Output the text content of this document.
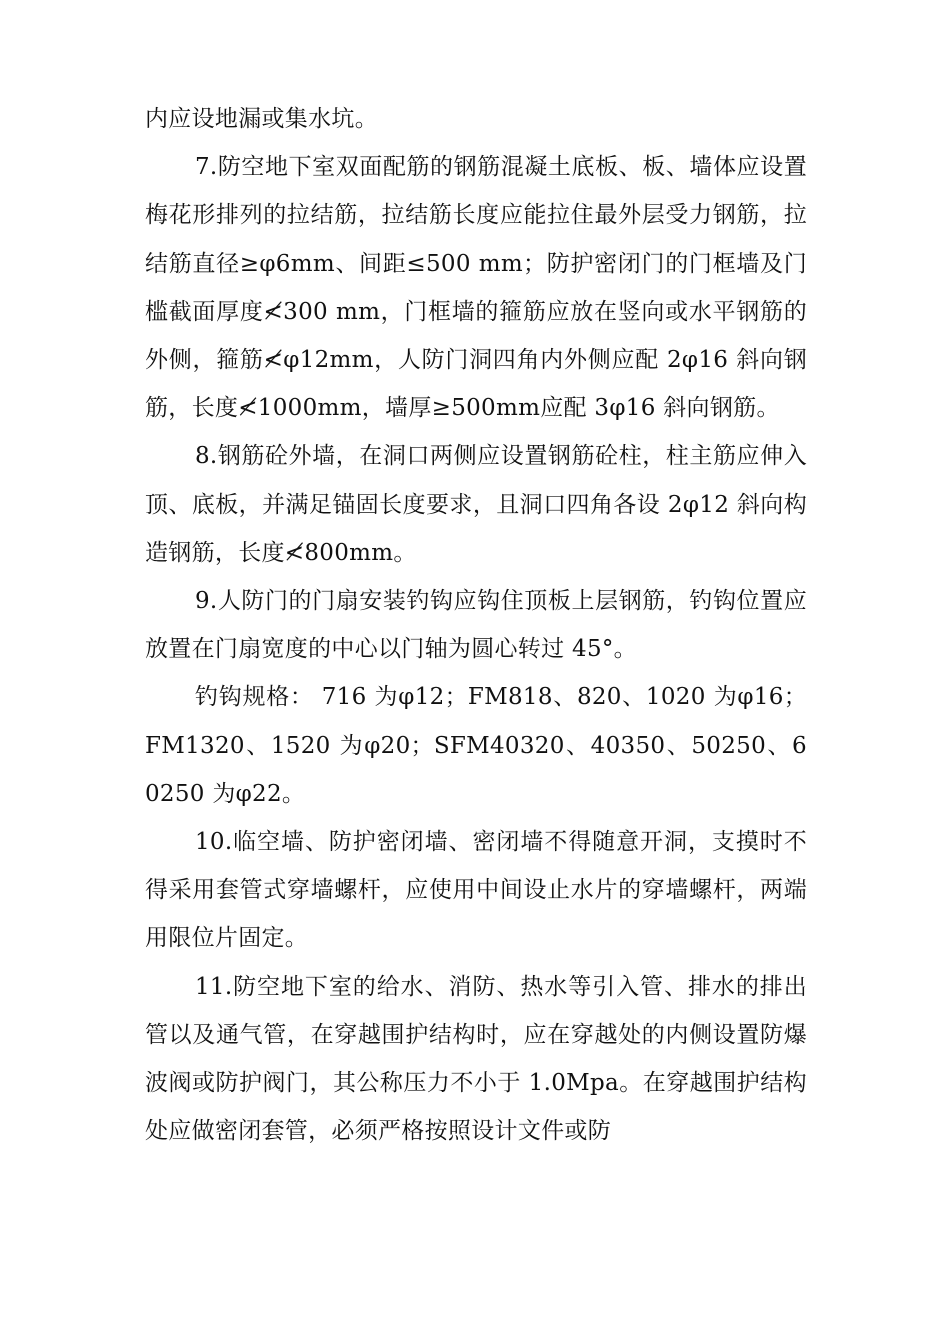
内应设地漏或集水坑。

7.防空地下室双面配筋的钢筋混凝土底板、板、墙体应设置梅花形排列的拉结筋，拉结筋长度应能拉住最外层受力钢筋，拉结筋直径≥φ6mm、间距≤500 mm；防护密闭门的门框墙及门槛截面厚度≮300 mm，门框墙的箍筋应放在竖向或水平钢筋的外侧，箍筋≮φ12mm，人防门洞四角内外侧应配 2φ16 斜向钢筋，长度≮1000mm，墙厚≥500mm应配 3φ16 斜向钢筋。

8.钢筋砼外墙，在洞口两侧应设置钢筋砼柱，柱主筋应伸入顶、底板，并满足锚固长度要求，且洞口四角各设 2φ12 斜向构造钢筋，长度≮800mm。

9.人防门的门扇安装钓钩应钩住顶板上层钢筋，钓钩位置应放置在门扇宽度的中心以门轴为圆心转过 45°。

钓钩规格： 716 为φ12；FM818、820、1020 为φ16；FM1320、1520 为φ20；SFM40320、40350、50250、60250 为φ22。

10.临空墙、防护密闭墙、密闭墙不得随意开洞，支摸时不得采用套管式穿墙螺杆，应使用中间设止水片的穿墙螺杆，两端用限位片固定。

11.防空地下室的给水、消防、热水等引入管、排水的排出管以及通气管，在穿越围护结构时，应在穿越处的内侧设置防爆波阀或防护阀门，其公称压力不小于 1.0Mpa。在穿越围护结构处应做密闭套管，必须严格按照设计文件或防
